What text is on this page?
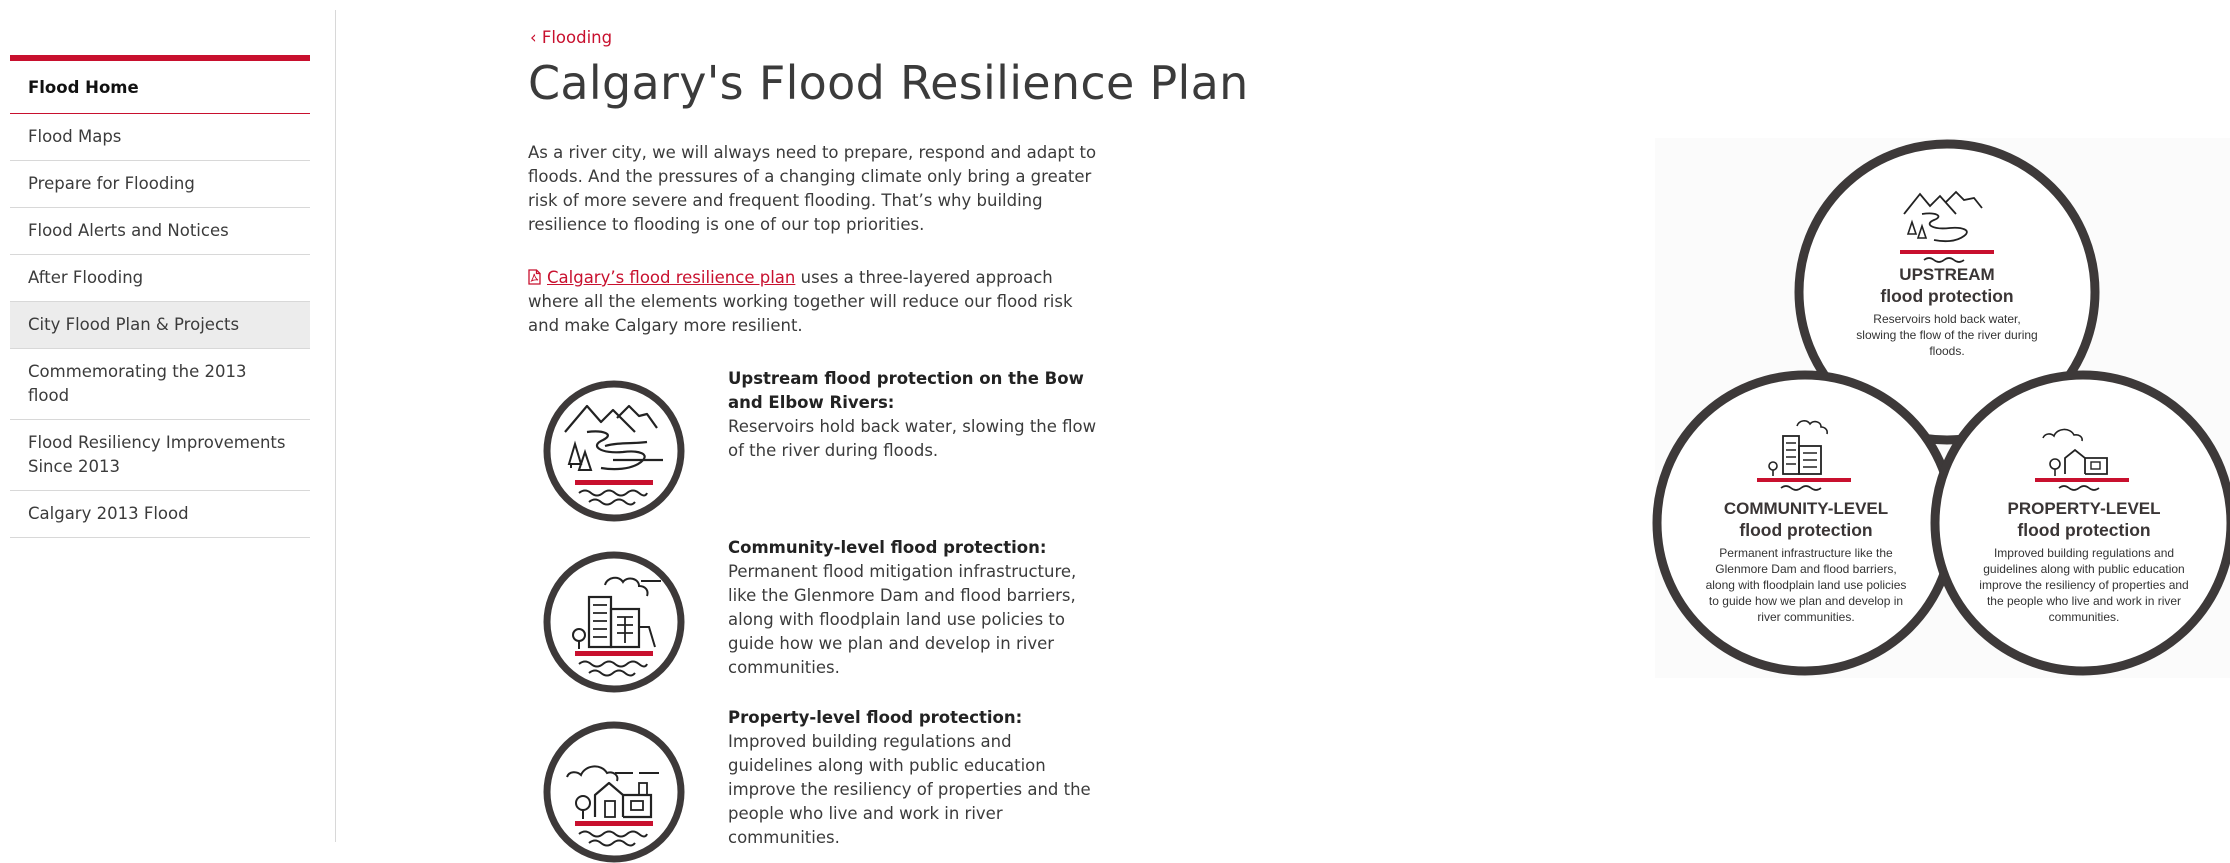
Flood Home
Flood Maps
Prepare for Flooding
Flood Alerts and Notices
After Flooding
City Flood Plan & Projects
Commemorating the 2013 flood
Flood Resiliency Improvements Since 2013
Calgary 2013 Flood
‹ Flooding
Calgary's Flood Resilience Plan

As a river city, we will always need to prepare, respond and adapt to floods. And the pressures of a changing climate only bring a greater risk of more severe and frequent flooding. That’s why building resilience to flooding is one of our top priorities.

Calgary’s flood resilience plan uses a three-layered approach where all the elements working together will reduce our flood risk and make Calgary more resilient.

Upstream flood protection on the Bow and Elbow Rivers:
Reservoirs hold back water, slowing the flow of the river during floods.
Community-level flood protection:
Permanent flood mitigation infrastructure, like the Glenmore Dam and flood barriers, along with floodplain land use policies to guide how we plan and develop in river communities.
Property-level flood protection:
Improved building regulations and guidelines along with public education improve the resiliency of properties and the people who live and work in river communities.
UPSTREAM
flood protection
Reservoirs hold back water, slowing the flow of the river during floods.
COMMUNITY-LEVEL
flood protection
Permanent infrastructure like the Glenmore Dam and flood barriers, along with floodplain land use policies to guide how we plan and develop in river communities.
PROPERTY-LEVEL
flood protection
Improved building regulations and guidelines along with public education improve the resiliency of properties and the people who live and work in river communities.
